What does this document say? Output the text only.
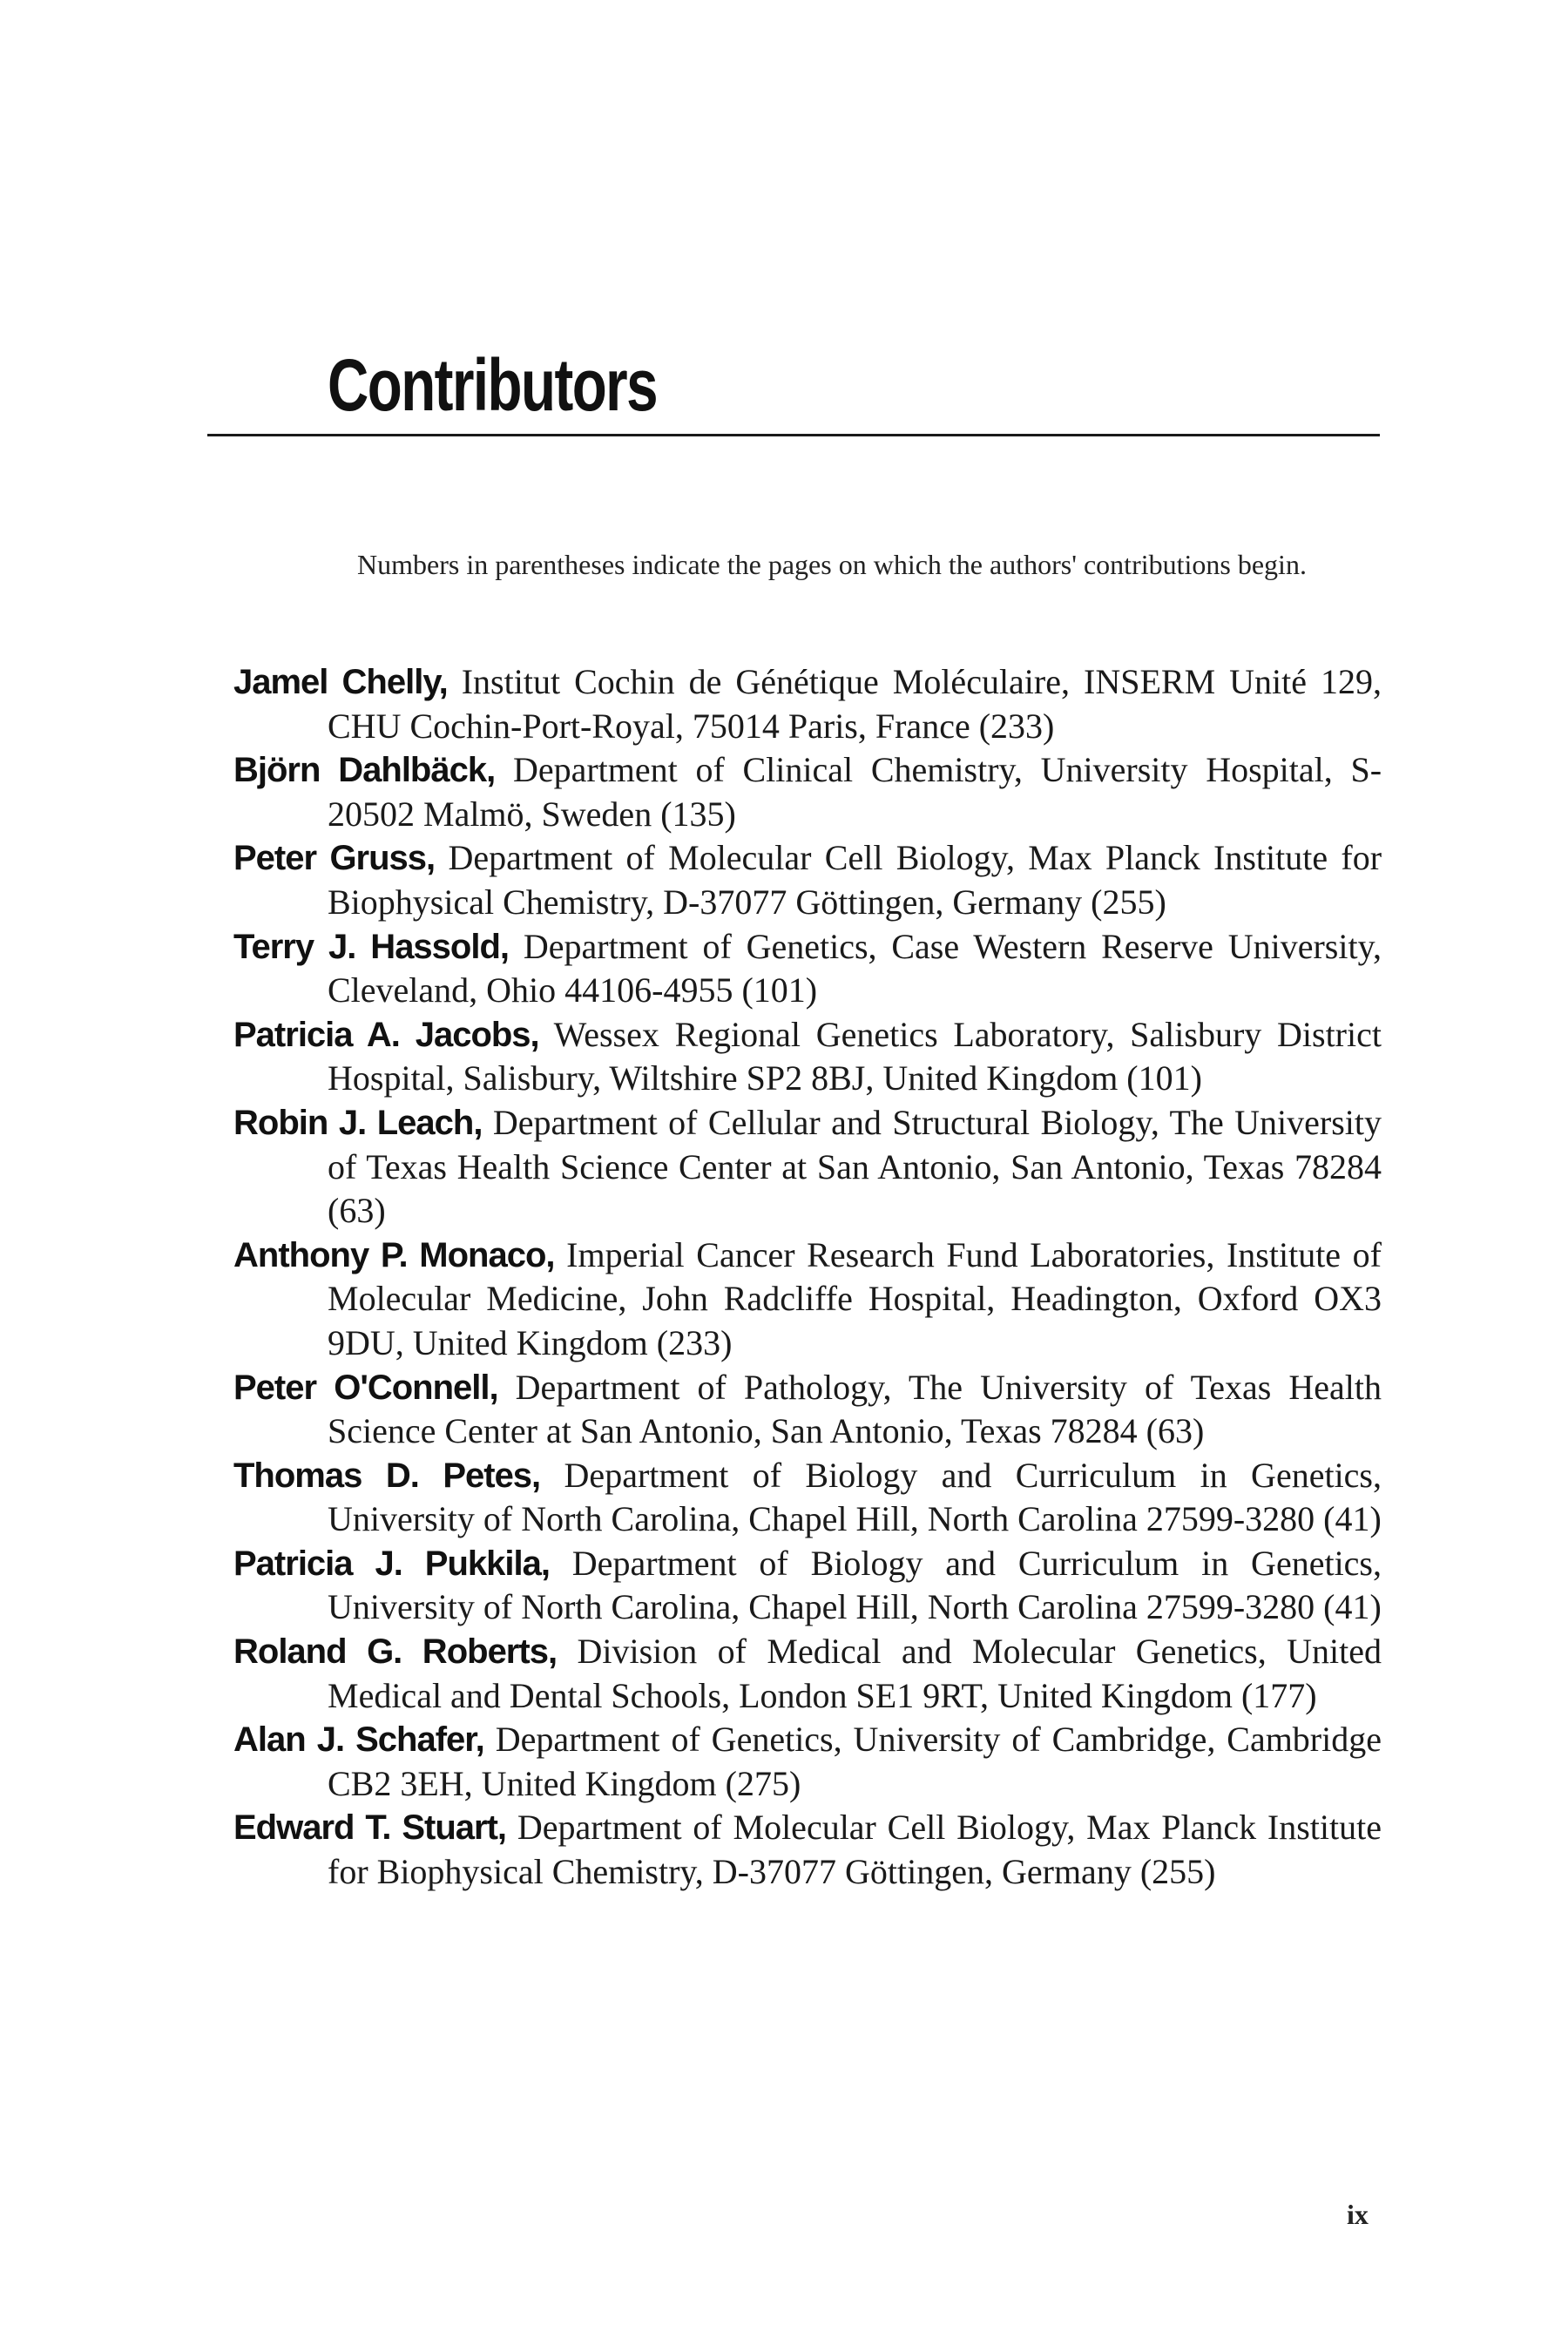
Contributors
Numbers in parentheses indicate the pages on which the authors' contributions begin.
Jamel Chelly, Institut Cochin de Génétique Moléculaire, INSERM Unité 129, CHU Cochin-Port-Royal, 75014 Paris, France (233)
Björn Dahlbäck, Department of Clinical Chemistry, University Hospital, S-20502 Malmö, Sweden (135)
Peter Gruss, Department of Molecular Cell Biology, Max Planck Institute for Biophysical Chemistry, D-37077 Göttingen, Germany (255)
Terry J. Hassold, Department of Genetics, Case Western Reserve University, Cleveland, Ohio 44106-4955 (101)
Patricia A. Jacobs, Wessex Regional Genetics Laboratory, Salisbury District Hospital, Salisbury, Wiltshire SP2 8BJ, United Kingdom (101)
Robin J. Leach, Department of Cellular and Structural Biology, The University of Texas Health Science Center at San Antonio, San Antonio, Texas 78284 (63)
Anthony P. Monaco, Imperial Cancer Research Fund Laboratories, Institute of Molecular Medicine, John Radcliffe Hospital, Headington, Oxford OX3 9DU, United Kingdom (233)
Peter O'Connell, Department of Pathology, The University of Texas Health Science Center at San Antonio, San Antonio, Texas 78284 (63)
Thomas D. Petes, Department of Biology and Curriculum in Genetics, University of North Carolina, Chapel Hill, North Carolina 27599-3280 (41)
Patricia J. Pukkila, Department of Biology and Curriculum in Genetics, University of North Carolina, Chapel Hill, North Carolina 27599-3280 (41)
Roland G. Roberts, Division of Medical and Molecular Genetics, United Medical and Dental Schools, London SE1 9RT, United Kingdom (177)
Alan J. Schafer, Department of Genetics, University of Cambridge, Cambridge CB2 3EH, United Kingdom (275)
Edward T. Stuart, Department of Molecular Cell Biology, Max Planck Institute for Biophysical Chemistry, D-37077 Göttingen, Germany (255)
ix
